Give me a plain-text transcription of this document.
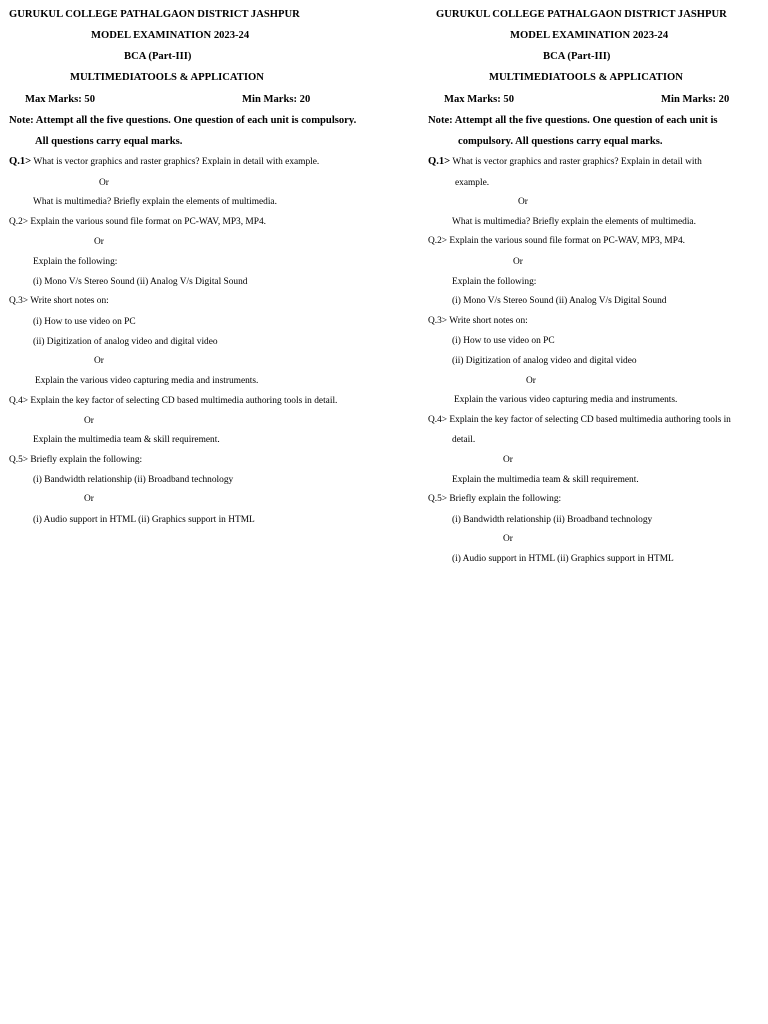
GURUKUL COLLEGE PATHALGAON DISTRICT JASHPUR
MODEL EXAMINATION 2023-24
BCA (Part-III)
MULTIMEDIATOOLS & APPLICATION
Max Marks: 50	Min Marks: 20
Note: Attempt all the five questions. One question of each unit is compulsory.
All questions carry equal marks.
Q.1> What is vector graphics and raster graphics? Explain in detail with example.
Or
What is multimedia? Briefly explain the elements of multimedia.
Q.2> Explain the various sound file format on PC-WAV, MP3, MP4.
Or
Explain the following:
(i) Mono V/s Stereo Sound (ii) Analog V/s Digital Sound
Q.3> Write short notes on:
(i) How to use video on PC
(ii) Digitization of analog video and digital video
Or
Explain the various video capturing media and instruments.
Q.4> Explain the key factor of selecting CD based multimedia authoring tools in detail.
Or
Explain the multimedia team & skill requirement.
Q.5> Briefly explain the following:
(i) Bandwidth relationship (ii) Broadband technology
Or
(i) Audio support in HTML (ii) Graphics support in HTML
GURUKUL COLLEGE PATHALGAON DISTRICT JASHPUR
MODEL EXAMINATION 2023-24
BCA (Part-III)
MULTIMEDIATOOLS & APPLICATION
Max Marks: 50	Min Marks: 20
Note: Attempt all the five questions. One question of each unit is
compulsory. All questions carry equal marks.
Q.1> What is vector graphics and raster graphics? Explain in detail with
example.
Or
What is multimedia? Briefly explain the elements of multimedia.
Q.2> Explain the various sound file format on PC-WAV, MP3, MP4.
Or
Explain the following:
(i) Mono V/s Stereo Sound (ii) Analog V/s Digital Sound
Q.3> Write short notes on:
(i) How to use video on PC
(ii) Digitization of analog video and digital video
Or
Explain the various video capturing media and instruments.
Q.4> Explain the key factor of selecting CD based multimedia authoring tools in
detail.
Or
Explain the multimedia team & skill requirement.
Q.5> Briefly explain the following:
(i) Bandwidth relationship (ii) Broadband technology
Or
(i) Audio support in HTML (ii) Graphics support in HTML
